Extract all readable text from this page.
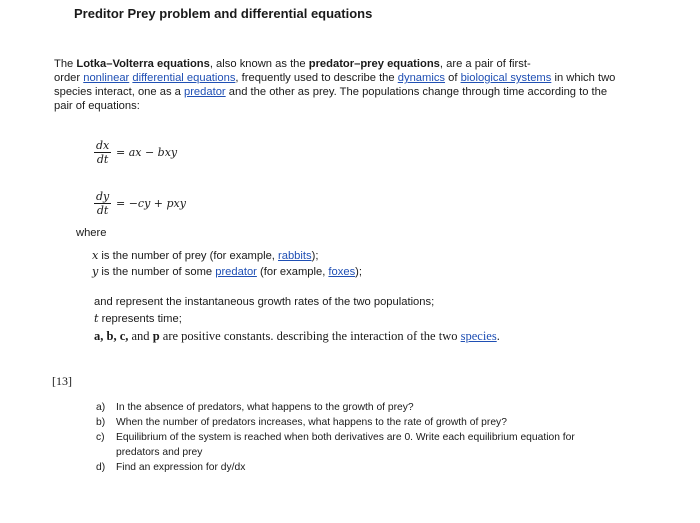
Preditor Prey problem and differential equations
The Lotka–Volterra equations, also known as the predator–prey equations, are a pair of first-
order nonlinear differential equations, frequently used to describe the dynamics of biological systems in which two
species interact, one as a predator and the other as prey. The populations change through time according to the
pair of equations:
$\frac{dx}{dt}$ = ax − bxy
$\frac{dy}{dt} = -cy$ + pxy
where
x is the number of prey (for example, rabbits);
y is the number of some predator (for example, foxes);
and represent the instantaneous growth rates of the two populations;
t represents time;
a, b, c, and p are positive constants. describing the interaction of the two species.
[13]
a)	In the absence of predators, what happens to the growth of prey?
b)	When the number of predators increases, what happens to the rate of growth of prey?
c)	Equilibrium of the system is reached when both derivatives are 0. Write each equilibrium equation for
predators and prey
d)	Find an expression for dy/dx
